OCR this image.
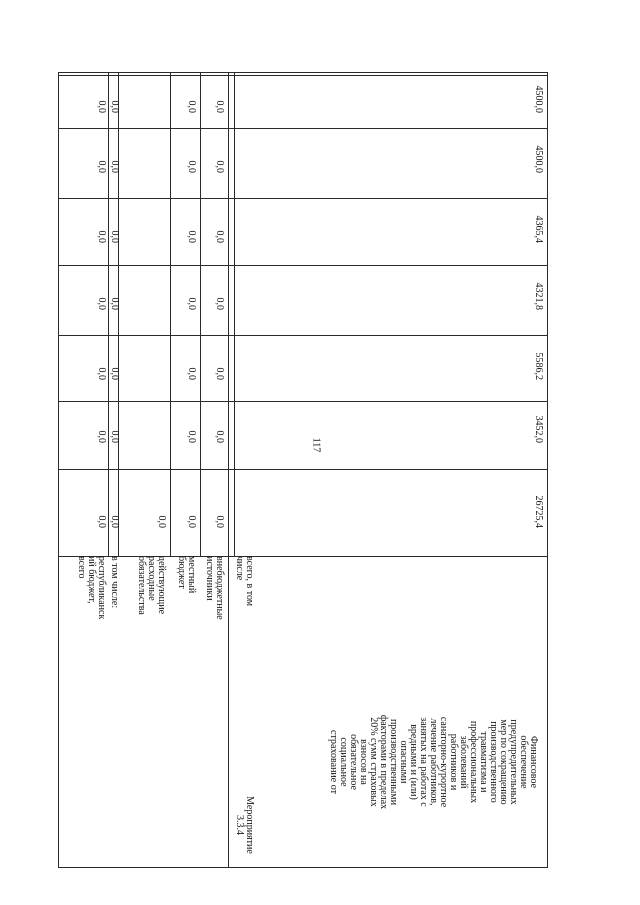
117
республиканск
ий бюджет,
всего
0,0
0,0
0,0
0,0
0,0
0,0
0,0
в том числе:
0,0
0,0
0,0
0,0
0,0
0,0
0,0
действующие
расходные
обязательства
0,0
местный
бюджет
0,0
0,0
0,0
0,0
0,0
0,0
0,0
внебюджетные
источники
0,0
0,0
0,0
0,0
0,0
0,0
0,0
Мероприятие
3.3.4
Финансовое
обеспечение
предупредительных
мер по сокращению
производственного
травматизма и
профессиональных
заболеваний
работников и
санаторно-курортное
лечение работников,
занятых на работах с
вредными и (или)
опасными
производственными
факторами в пределах
20% сумм страховых
взносов на
обязательное
социальное
страхование от
всего, в том
числе
26725,4
3452,0
5586,2
4321,8
4365,4
4500,0
4500,0
